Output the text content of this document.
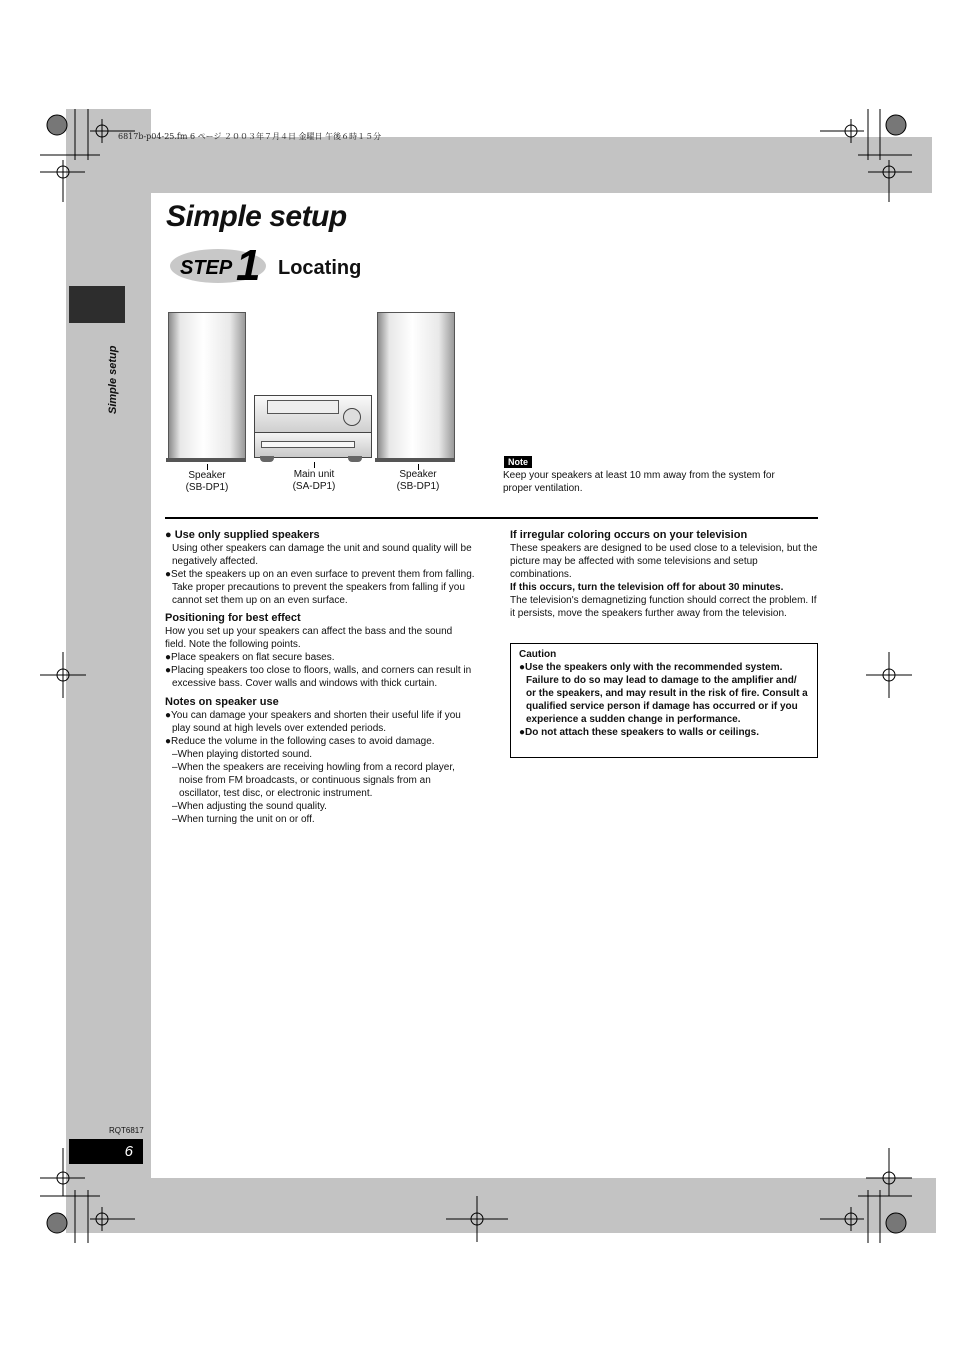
Simple setup
6817b-p04-25.fm 6 ページ ２００３年７月４日 金曜日 午後６時１５分
Simple setup
STEP 1 Locating
Speaker
(SB-DP1)
Main unit
(SA-DP1)
Speaker
(SB-DP1)
Note
Keep your speakers at least 10 mm away from the system for proper ventilation.
● Use only supplied speakers

Using other speakers can damage the unit and sound quality will be negatively affected.

●Set the speakers up on an even surface to prevent them from falling. Take proper precautions to prevent the speakers from falling if you cannot set them up on an even surface.

Positioning for best effect

How you set up your speakers can affect the bass and the sound field. Note the following points.

●Place speakers on flat secure bases.

●Placing speakers too close to floors, walls, and corners can result in excessive bass. Cover walls and windows with thick curtain.

Notes on speaker use

●You can damage your speakers and shorten their useful life if you play sound at high levels over extended periods.

●Reduce the volume in the following cases to avoid damage.

–When playing distorted sound.

–When the speakers are receiving howling from a record player, noise from FM broadcasts, or continuous signals from an oscillator, test disc, or electronic instrument.

–When adjusting the sound quality.

–When turning the unit on or off.

If irregular coloring occurs on your television

These speakers are designed to be used close to a television, but the picture may be affected with some televisions and setup combinations.

If this occurs, turn the television off for about 30 minutes.

The television's demagnetizing function should correct the problem. If it persists, move the speakers further away from the television.

Caution

●Use the speakers only with the recommended system. Failure to do so may lead to damage to the amplifier and/ or the speakers, and may result in the risk of fire. Consult a qualified service person if damage has occurred or if you experience a sudden change in performance.

●Do not attach these speakers to walls or ceilings.

RQT6817
6
